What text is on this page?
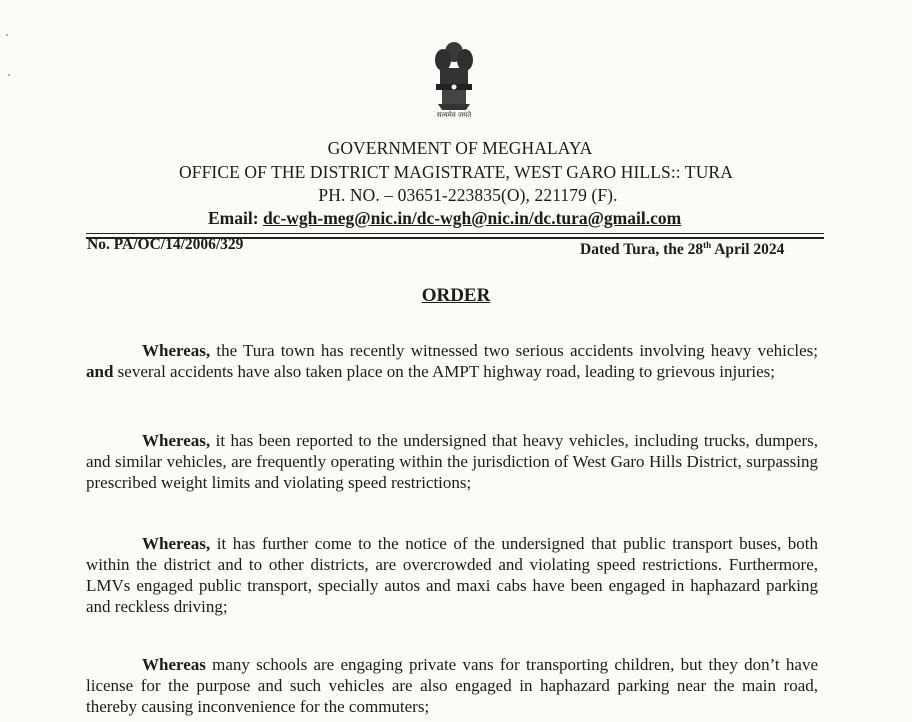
सत्यमेव जयते
GOVERNMENT OF MEGHALAYA
OFFICE OF THE DISTRICT MAGISTRATE, WEST GARO HILLS:: TURA
PH. NO. – 03651-223835(O), 221179 (F).
Email: dc-wgh-meg@nic.in/dc-wgh@nic.in/dc.tura@gmail.com
No. PA/OC/14/2006/329	Dated Tura, the 28th April 2024
ORDER

Whereas, the Tura town has recently witnessed two serious accidents involving heavy vehicles; and several accidents have also taken place on the AMPT highway road, leading to grievous injuries;

Whereas, it has been reported to the undersigned that heavy vehicles, including trucks, dumpers, and similar vehicles, are frequently operating within the jurisdiction of West Garo Hills District, surpassing prescribed weight limits and violating speed restrictions;

Whereas, it has further come to the notice of the undersigned that public transport buses, both within the district and to other districts, are overcrowded and violating speed restrictions. Furthermore, LMVs engaged public transport, specially autos and maxi cabs have been engaged in haphazard parking and reckless driving;

Whereas many schools are engaging private vans for transporting children, but they don’t have license for the purpose and such vehicles are also engaged in haphazard parking near the main road, thereby causing inconvenience for the commuters;
